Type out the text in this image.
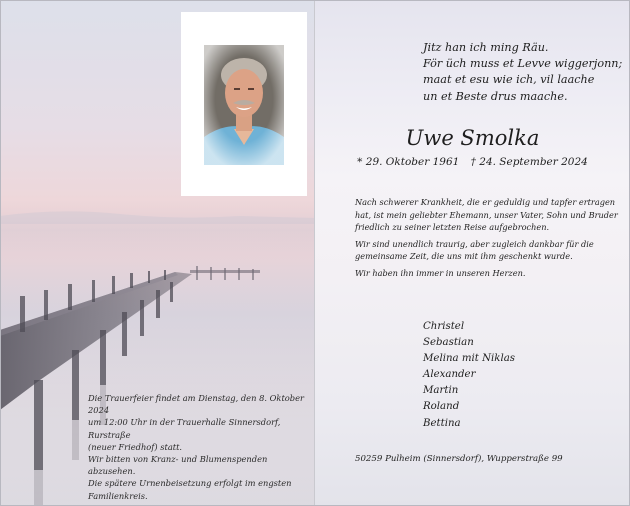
Die Trauerfeier findet am Dienstag, den 8. Oktober 2024
um 12:00 Uhr in der Trauerhalle Sinnersdorf, Rurstraße
(neuer Friedhof) statt.

Wir bitten von Kranz- und Blumenspenden abzusehen.
Die spätere Urnenbeisetzung erfolgt im engsten
Familienkreis.

Jitz han ich ming Räu.
För üch muss et Levve wiggerjonn;
maat et esu wie ich, vil laache
un et Beste drus maache.
Uwe Smolka
* 29. Oktober 1961 † 24. September 2024

Nach schwerer Krankheit, die er geduldig und tapfer ertragen hat, ist mein geliebter Ehemann, unser Vater, Sohn und Bruder friedlich zu seiner letzten Reise aufgebrochen.

Wir sind unendlich traurig, aber zugleich dankbar für die gemeinsame Zeit, die uns mit ihm geschenkt wurde.

Wir haben ihn immer in unseren Herzen.

Christel
Sebastian
Melina mit Niklas
Alexander
Martin
Roland
Bettina
50259 Pulheim (Sinnersdorf), Wupperstraße 99
